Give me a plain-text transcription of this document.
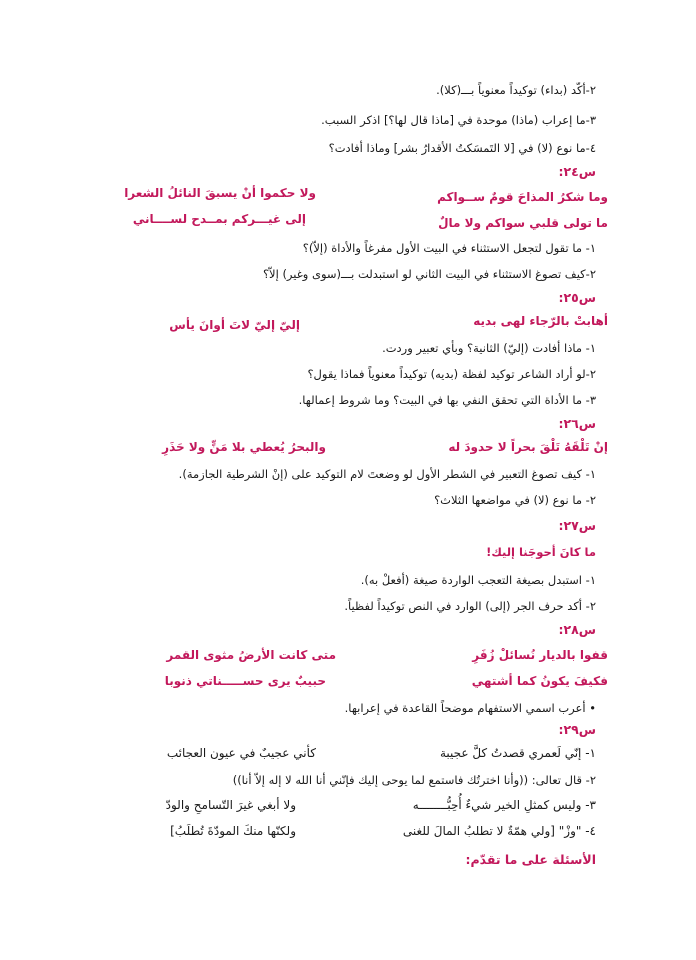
٢-أكّد (بداء) توكيداً معنوياً بـــ(كلا).
٣-ما إعراب (ماذا) موحدة في [ماذا قال لها؟] اذكر السبب.
٤-ما نوع (لا) في [لا التَمسَكتُ الأقدارُ بشر] وماذا أفادت؟
س٢٤:
وما شكرُ المذاحَ قومٌ ســواكم
ولا حكموا أنْ يسبقَ النائلُ الشعرا
ما تولى قلبي سواكم ولا مالٌ
إلى غيـــركم بمــدح لســــاني
١- ما تقول لتجعل الاستثناء في البيت الأول مفرغاً والأداة (إلاّ)؟
٢-كيف تصوغ الاستثناء في البيت الثاني لو استبدلت بـــ(سوى وغير) إلاّ؟
س٢٥:
أهابتْ بالرّجاء لهى بديه
إليّ إليّ لاتَ أوانَ يأس
١- ماذا أفادت (إليّ) الثانية؟ وبأي تعبير وردت.
٢-لو أراد الشاعر توكيد لفظة (بديه) توكيداً معنوياً فماذا يقول؟
٣- ما الأداة التي تحقق النفي بها في البيت؟ وما شروط إعمالها.
س٢٦:
إنْ تَلْقَهُ تَلْقَ بحراً لا حدودَ له
والبحرُ يُعطي بلا مَنٍّ ولا حَذَرِ
١- كيف تصوغ التعبير في الشطر الأول لو وضعتَ لام التوكيد على (إنْ الشرطية الجازمة).
٢- ما نوع (لا) في مواضعها الثلاث؟
س٢٧:
ما كانَ أحوجَنا إليك!
١- استبدل بصيغة التعجب الواردة صيغة (أفعلْ به).
٢- أكد حرف الجر (إلى) الوارد في النص توكيداً لفظياً.
س٢٨:
قفوا بالديار نُسائلْ زُفَرِ
متى كانت الأرضُ مثوى القمر
فكيفَ يكونُ كما أشتهي
حبيبٌ يرى حســـــناتي ذنوبا
• أعرب اسمي الاستفهام موضحاً القاعدة في إعرابها.
س٢٩:
١- إنّي لَعمري قصدتُ كلَّ عجيبة
كأني عجيبٌ في عيون العجائب
٢- قال تعالى: ((وأنا اخترتُك فاستمع لما يوحى إليك فإنّني أنا الله لا إله إلاّ أنا))
٣- وليس كمثلِ الخير شيءٌ أُحِبُّــــــــه
ولا أبغي غيرَ التّسامحِ والودّ
٤- "وزْ" [ولي همّةٌ لا تطلبُ المالَ للغنى
ولكنّها منكَ المودّةَ تُطلَبُ]
الأسئلة على ما تقدّم:
